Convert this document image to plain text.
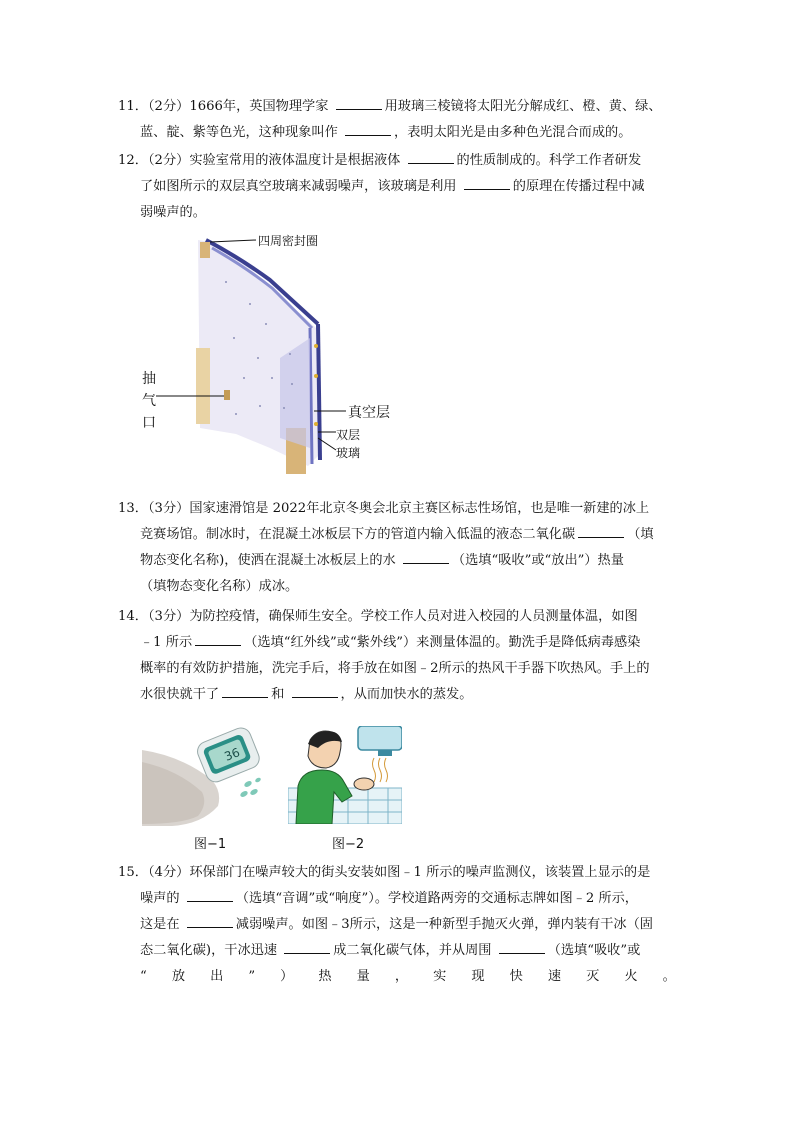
11．（2分）1666年，英国物理学家	用玻璃三棱镜将太阳光分解成红、橙、黄、绿、
蓝、靛、紫等色光，这种现象叫作	，表明太阳光是由多种色光混合而成的。
12．（2分）实验室常用的液体温度计是根据液体	的性质制成的。科学工作者研发
了如图所示的双层真空玻璃来减弱噪声，该玻璃是利用	的原理在传播过程中减
弱噪声的。
四周密封圈
抽
气
口
真空层
双层
玻璃
13．（3分）国家速滑馆是 2022年北京冬奥会北京主赛区标志性场馆，也是唯一新建的冰上
竞赛场馆。制冰时，在混凝土冰板层下方的管道内输入低温的液态二氧化碳	（填
物态变化名称)，使洒在混凝土冰板层上的水	（选填“吸收”或“放出”）热量
（填物态变化名称）成冰。
14．（3分）为防控疫情，确保师生安全。学校工作人员对进入校园的人员测量体温，如图
﹣1 所示	（选填“红外线”或“紫外线”）来测量体温的。勤洗手是降低病毒感染
概率的有效防护措施，洗完手后，将手放在如图﹣2所示的热风干手器下吹热风。手上的
水很快就干了	和	，从而加快水的蒸发。
36
图−1	图−2
15．（4分）环保部门在噪声较大的街头安装如图﹣1 所示的噪声监测仪，该装置上显示的是
噪声的	（选填“音调”或“响度”）。学校道路两旁的交通标志牌如图﹣2 所示，
这是在	减弱噪声。如图﹣3所示，这是一种新型手抛灭火弹，弹内装有干冰（固
态二氧化碳)，干冰迅速	成二氧化碳气体，并从周围	（选填“吸收”或
“ 放 出 ” ） 热 量 ， 实 现 快 速 灭 火 。
